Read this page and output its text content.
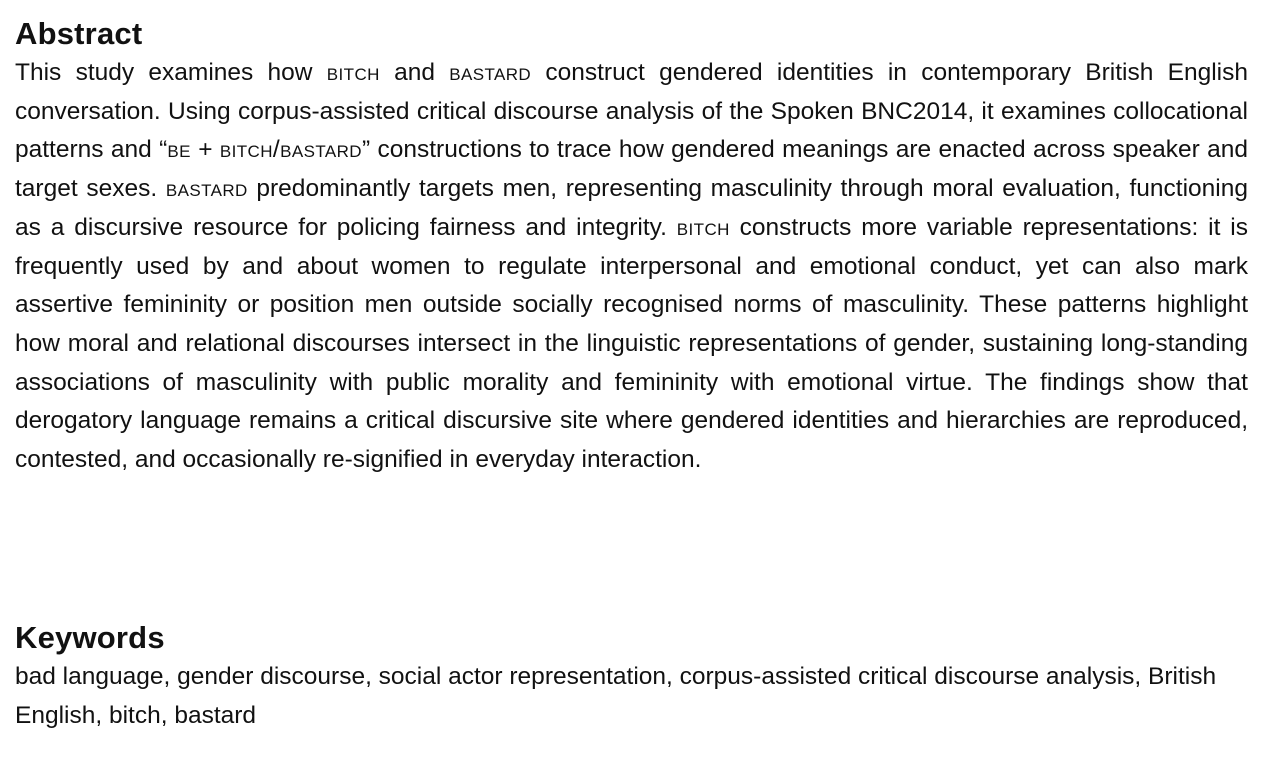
Abstract

This study examines how bitch and bastard construct gendered identities in contemporary British English conversation. Using corpus-assisted critical discourse analysis of the Spoken BNC2014, it examines collocational patterns and “be + bitch/bastard” constructions to trace how gendered meanings are enacted across speaker and target sexes. bastard predominantly targets men, representing masculinity through moral evaluation, functioning as a discursive resource for policing fairness and integrity. bitch constructs more variable representations: it is frequently used by and about women to regulate interpersonal and emotional conduct, yet can also mark assertive femininity or position men outside socially recognised norms of masculinity. These patterns highlight how moral and relational discourses intersect in the linguistic representations of gender, sustaining long-standing associations of masculinity with public morality and femininity with emotional virtue. The findings show that derogatory language remains a critical discursive site where gendered identities and hierarchies are reproduced, contested, and occasionally re-signified in everyday interaction.

Keywords

bad language, gender discourse, social actor representation, corpus-assisted critical discourse analysis, British English, bitch, bastard
